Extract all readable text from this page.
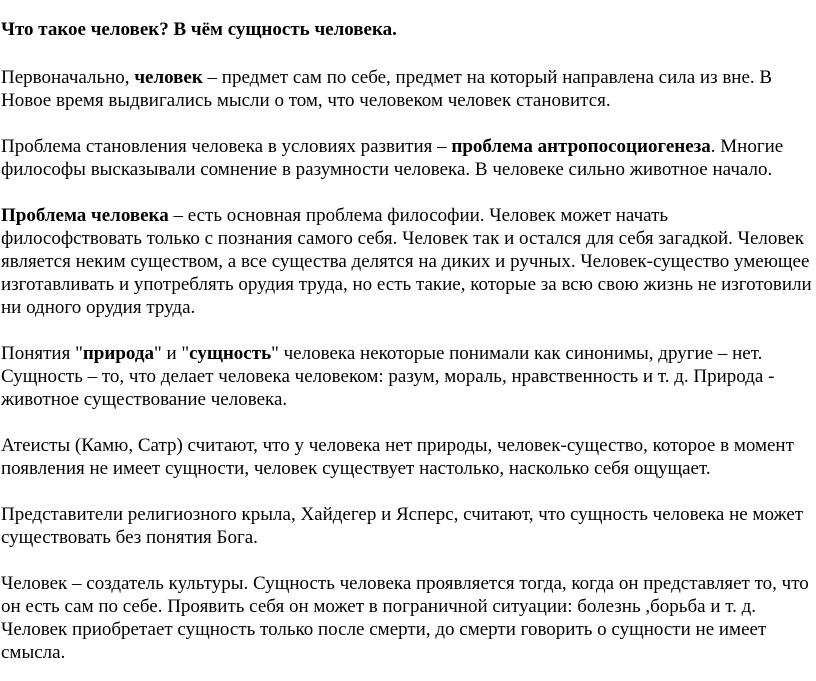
Что такое человек? В чём сущность человека.
Первоначально, человек – предмет сам по себе, предмет на который направлена сила из вне. В Новое время выдвигались мысли о том, что человеком человек становится.
Проблема становления человека в условиях развития – проблема антропосоциогенеза. Многие философы высказывали сомнение в разумности человека. В человеке сильно животное начало.
Проблема человека – есть основная проблема философии. Человек может начать философствовать только с познания самого себя. Человек так и остался для себя загадкой. Человек является неким существом, а все существа делятся на диких и ручных. Человек-существо умеющее изготавливать и употреблять орудия труда, но есть такие, которые за всю свою жизнь не изготовили ни одного орудия труда.
Понятия "природа" и "сущность" человека некоторые понимали как синонимы, другие – нет. Сущность – то, что делает человека человеком: разум, мораль, нравственность и т. д. Природа - животное существование человека.
Атеисты (Камю, Сатр) считают, что у человека нет природы, человек-существо, которое в момент появления не имеет сущности, человек существует настолько, насколько себя ощущает.
Представители религиозного крыла, Хайдегер и Ясперс, считают, что сущность человека не может существовать без понятия Бога.
Человек – создатель культуры. Сущность человека проявляется тогда, когда он представляет то, что он есть сам по себе. Проявить себя он может в пограничной ситуации: болезнь ,борьба и т. д. Человек приобретает сущность только после смерти, до смерти говорить о сущности не имеет смысла.
